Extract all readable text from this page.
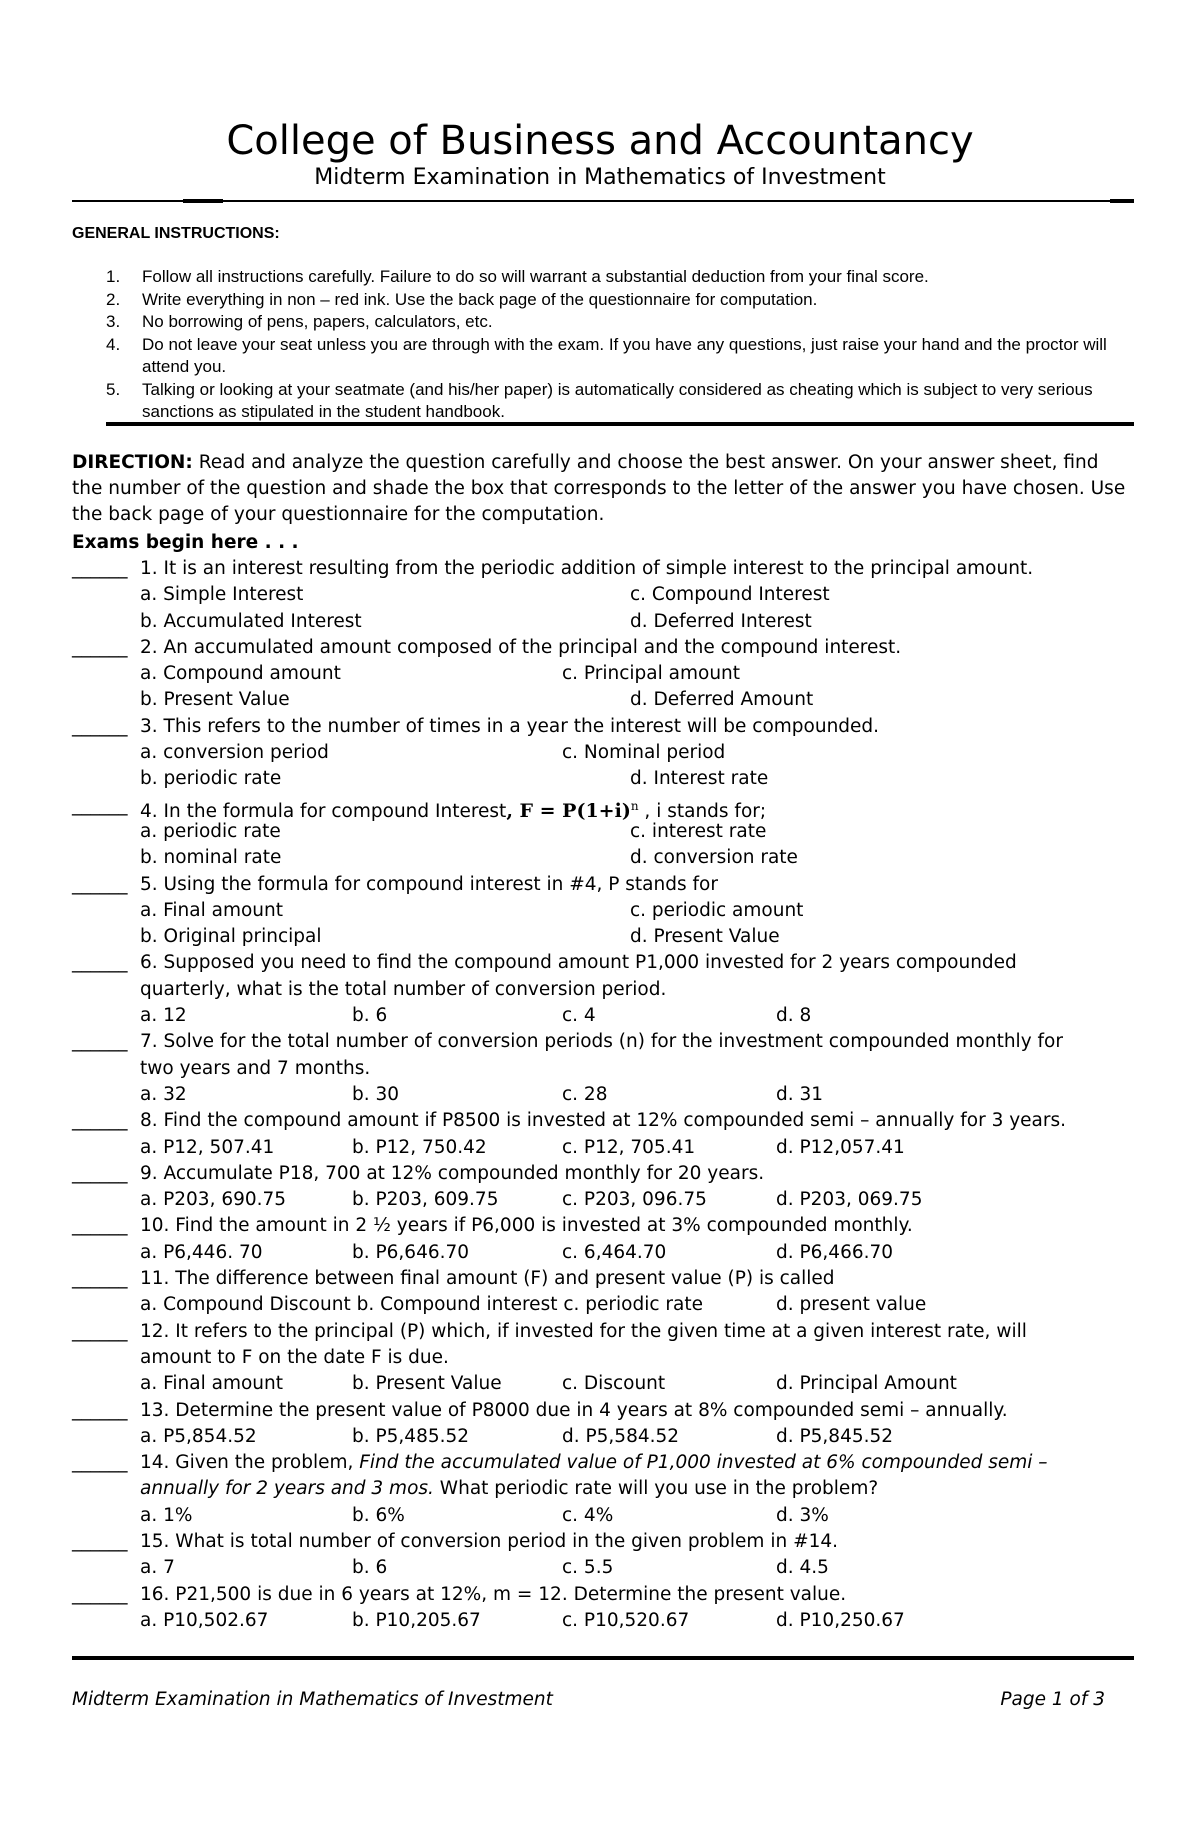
College of Business and Accountancy
Midterm Examination in Mathematics of Investment
GENERAL INSTRUCTIONS:
1. Follow all instructions carefully. Failure to do so will warrant a substantial deduction from your final score.
2. Write everything in non – red ink. Use the back page of the questionnaire for computation.
3. No borrowing of pens, papers, calculators, etc.
4. Do not leave your seat unless you are through with the exam. If you have any questions, just raise your hand and the proctor will attend you.
5. Talking or looking at your seatmate (and his/her paper) is automatically considered as cheating which is subject to very serious sanctions as stipulated in the student handbook.
DIRECTION: Read and analyze the question carefully and choose the best answer. On your answer sheet, find the number of the question and shade the box that corresponds to the letter of the answer you have chosen. Use the back page of your questionnaire for the computation.
Exams begin here . . .
______ 1. It is an interest resulting from the periodic addition of simple interest to the principal amount.
a. Simple Interest	c. Compound Interest
b. Accumulated Interest	d. Deferred Interest
______ 2. An accumulated amount composed of the principal and the compound interest.
a. Compound amount	c. Principal amount
b. Present Value	d. Deferred Amount
______ 3. This refers to the number of times in a year the interest will be compounded.
a. conversion period	c. Nominal period
b. periodic rate	d. Interest rate
______ 4. In the formula for compound Interest, $F = P(1+i)^n$ , i stands for;
a. periodic rate	c. interest rate
b. nominal rate	d. conversion rate
______ 5. Using the formula for compound interest in #4, P stands for
a. Final amount	c. periodic amount
b. Original principal	d. Present Value
______ 6. Supposed you need to find the compound amount P1,000 invested for 2 years compounded
quarterly, what is the total number of conversion period.
a. 12	b. 6	c. 4	d. 8
______ 7. Solve for the total number of conversion periods (n) for the investment compounded monthly for
two years and 7 months.
a. 32	b. 30	c. 28	d. 31
______ 8. Find the compound amount if P8500 is invested at 12% compounded semi – annually for 3 years.
a. P12, 507.41	b. P12, 750.42	c. P12, 705.41	d. P12,057.41
______ 9. Accumulate P18, 700 at 12% compounded monthly for 20 years.
a. P203, 690.75	b. P203, 609.75	c. P203, 096.75	d. P203, 069.75
______ 10. Find the amount in 2 ½ years if P6,000 is invested at 3% compounded monthly.
a. P6,446. 70	b. P6,646.70	c. 6,464.70	d. P6,466.70
______ 11. The difference between final amount (F) and present value (P) is called
a. Compound Discount b. Compound interest c. periodic rate	d. present value
______ 12. It refers to the principal (P) which, if invested for the given time at a given interest rate, will
amount to F on the date F is due.
a. Final amount	b. Present Value	c. Discount	d. Principal Amount
______ 13. Determine the present value of P8000 due in 4 years at 8% compounded semi – annually.
a. P5,854.52	b. P5,485.52	d. P5,584.52	d. P5,845.52
______ 14. Given the problem, Find the accumulated value of P1,000 invested at 6% compounded semi –
annually for 2 years and 3 mos. What periodic rate will you use in the problem?
a. 1%	b. 6%	c. 4%	d. 3%
______ 15. What is total number of conversion period in the given problem in #14.
a. 7	b. 6	c. 5.5	d. 4.5
______ 16. P21,500 is due in 6 years at 12%, m = 12. Determine the present value.
a. P10,502.67	b. P10,205.67	c. P10,520.67	d. P10,250.67
Midterm Examination in Mathematics of Investment	Page 1 of 3
